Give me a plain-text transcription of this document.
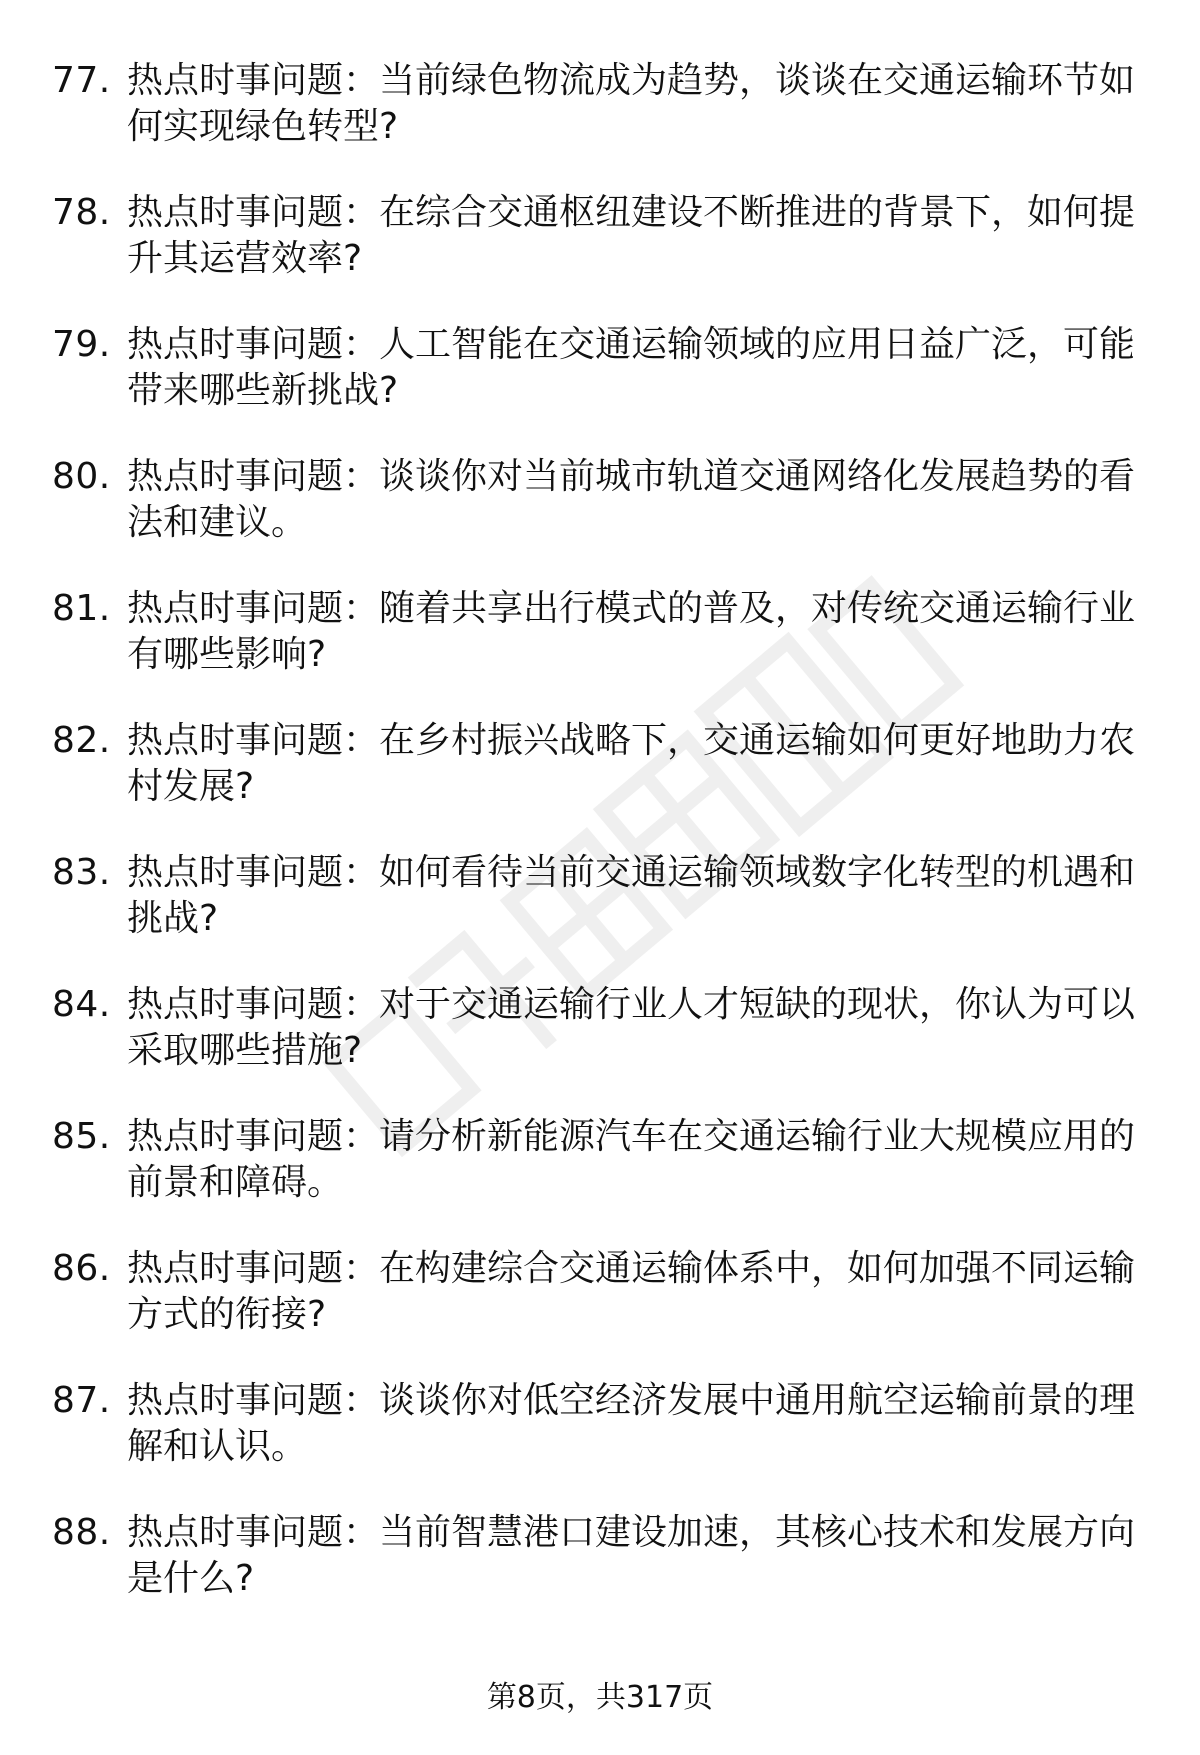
77. 热点时事问题：当前绿色物流成为趋势，谈谈在交通运输环节如何实现绿色转型?

78. 热点时事问题：在综合交通枢纽建设不断推进的背景下，如何提升其运营效率?

79. 热点时事问题：人工智能在交通运输领域的应用日益广泛，可能带来哪些新挑战?

80. 热点时事问题：谈谈你对当前城市轨道交通网络化发展趋势的看法和建议。

81. 热点时事问题：随着共享出行模式的普及，对传统交通运输行业有哪些影响?

82. 热点时事问题：在乡村振兴战略下，交通运输如何更好地助力农村发展?

83. 热点时事问题：如何看待当前交通运输领域数字化转型的机遇和挑战?

84. 热点时事问题：对于交通运输行业人才短缺的现状，你认为可以采取哪些措施?

85. 热点时事问题：请分析新能源汽车在交通运输行业大规模应用的前景和障碍。

86. 热点时事问题：在构建综合交通运输体系中，如何加强不同运输方式的衔接?

87. 热点时事问题：谈谈你对低空经济发展中通用航空运输前景的理解和认识。

88. 热点时事问题：当前智慧港口建设加速，其核心技术和发展方向是什么?

第8页，共317页
